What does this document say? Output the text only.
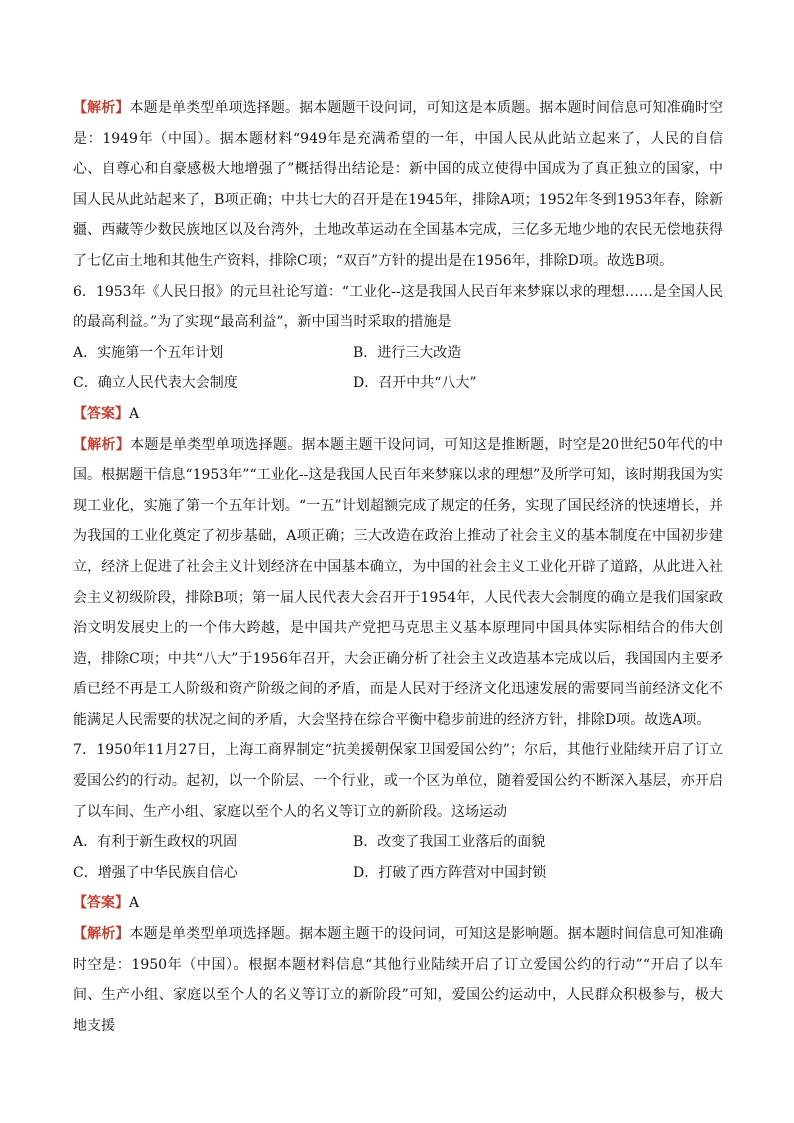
【解析】本题是单类型单项选择题。据本题题干设问词，可知这是本质题。据本题时间信息可知准确时空是：1949年（中国）。据本题材料“949年是充满希望的一年，中国人民从此站立起来了，人民的自信心、自尊心和自豪感极大地增强了”概括得出结论是：新中国的成立使得中国成为了真正独立的国家，中国人民从此站起来了，B项正确；中共七大的召开是在1945年，排除A项；1952年冬到1953年春，除新疆、西藏等少数民族地区以及台湾外，土地改革运动在全国基本完成，三亿多无地少地的农民无偿地获得了七亿亩土地和其他生产资料，排除C项；“双百”方针的提出是在1956年，排除D项。故选B项。

6．1953年《人民日报》的元旦社论写道：“工业化--这是我国人民百年来梦寐以求的理想……是全国人民的最高利益。”为了实现“最高利益”，新中国当时采取的措施是

A．实施第一个五年计划	B．进行三大改造
C．确立人民代表大会制度	D．召开中共“八大”

【答案】A

【解析】本题是单类型单项选择题。据本题主题干设问词，可知这是推断题，时空是20世纪50年代的中国。根据题干信息“1953年”“工业化--这是我国人民百年来梦寐以求的理想”及所学可知，该时期我国为实现工业化，实施了第一个五年计划。“一五”计划超额完成了规定的任务，实现了国民经济的快速增长，并为我国的工业化奠定了初步基础，A项正确；三大改造在政治上推动了社会主义的基本制度在中国初步建立，经济上促进了社会主义计划经济在中国基本确立，为中国的社会主义工业化开辟了道路，从此进入社会主义初级阶段，排除B项；第一届人民代表大会召开于1954年，人民代表大会制度的确立是我们国家政治文明发展史上的一个伟大跨越，是中国共产党把马克思主义基本原理同中国具体实际相结合的伟大创造，排除C项；中共“八大”于1956年召开，大会正确分析了社会主义改造基本完成以后，我国国内主要矛盾已经不再是工人阶级和资产阶级之间的矛盾，而是人民对于经济文化迅速发展的需要同当前经济文化不能满足人民需要的状况之间的矛盾，大会坚持在综合平衡中稳步前进的经济方针，排除D项。故选A项。

7．1950年11月27日，上海工商界制定“抗美援朝保家卫国爱国公约”；尔后，其他行业陆续开启了订立爱国公约的行动。起初，以一个阶层、一个行业，或一个区为单位，随着爱国公约不断深入基层，亦开启了以车间、生产小组、家庭以至个人的名义等订立的新阶段。这场运动

A．有利于新生政权的巩固	B．改变了我国工业落后的面貌
C．增强了中华民族自信心	D．打破了西方阵营对中国封锁

【答案】A

【解析】本题是单类型单项选择题。据本题主题干的设问词，可知这是影响题。据本题时间信息可知准确时空是：1950年（中国）。根据本题材料信息“其他行业陆续开启了订立爱国公约的行动”“开启了以车间、生产小组、家庭以至个人的名义等订立的新阶段”可知，爱国公约运动中，人民群众积极参与，极大地支援
